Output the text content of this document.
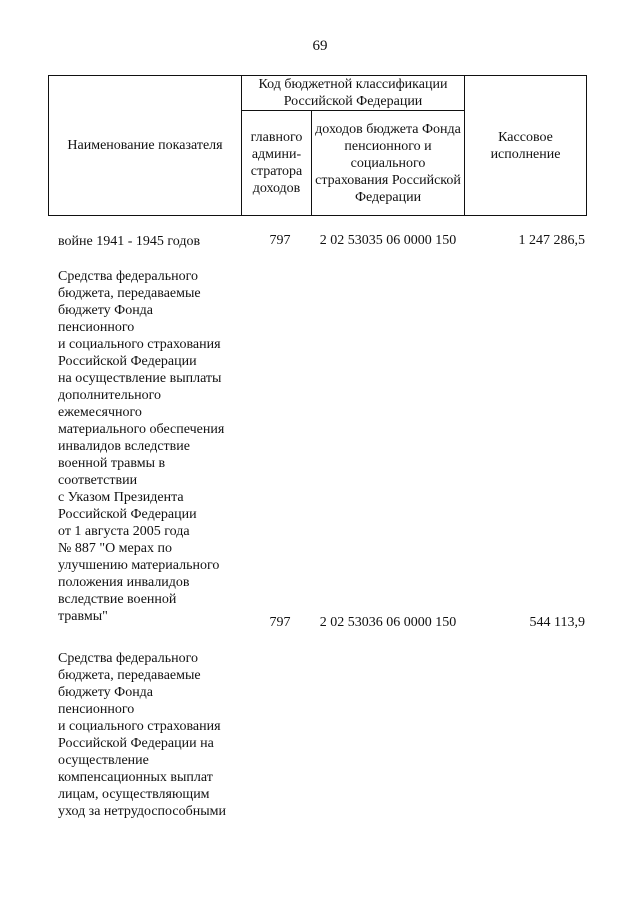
69
Наименование показателя	Код бюджетной классификации Российской Федерации		Кассовое исполнение
	главного админи-стратора доходов	доходов бюджета Фонда пенсионного и социального страхования Российской Федерации	
войне 1941 - 1945 годов	797	2 02 53035 06 0000 150	1 247 286,5
Средства федерального
бюджета, передаваемые
бюджету Фонда
пенсионного
и социального страхования
Российской Федерации
на осуществление выплаты
дополнительного
ежемесячного
материального обеспечения
инвалидов вследствие
военной травмы в
соответствии
с Указом Президента
Российской Федерации
от 1 августа 2005 года
№ 887 "О мерах по
улучшению материального
положения инвалидов
вследствие военной
травмы"	797	2 02 53036 06 0000 150	544 113,9
Средства федерального
бюджета, передаваемые
бюджету Фонда
пенсионного
и социального страхования
Российской Федерации на
осуществление
компенсационных выплат
лицам, осуществляющим
уход за нетрудоспособными
